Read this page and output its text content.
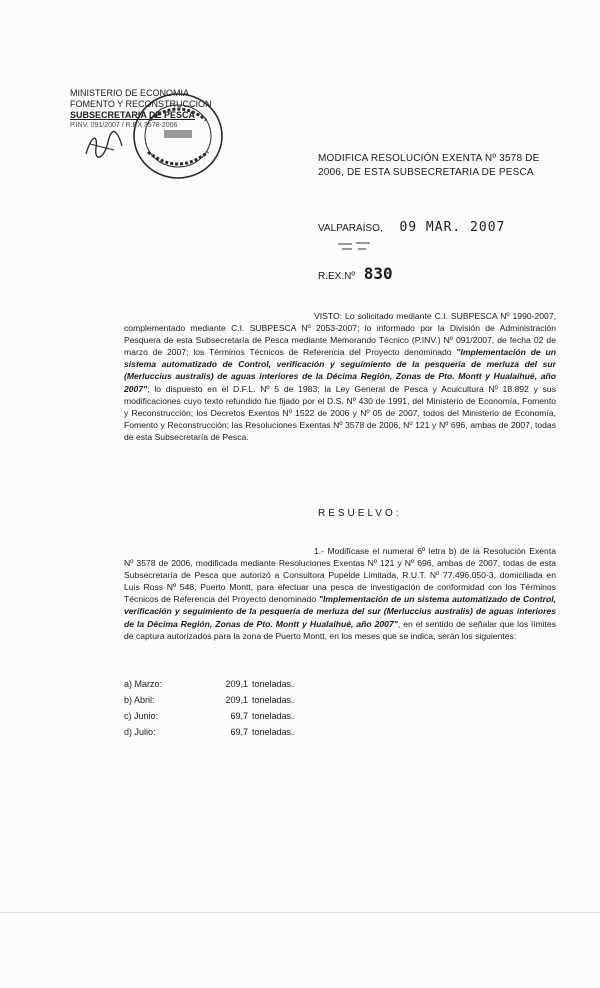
MINISTERIO DE ECONOMIA
FOMENTO Y RECONSTRUCCION
SUBSECRETARIA DE PESCA
P.INV. 091/2007 / R.EX 3578-2006
MODIFICA RESOLUCIÓN EXENTA Nº 3578 DE 2006, DE ESTA SUBSECRETARIA DE PESCA
VALPARAÍSO, 09 MAR. 2007
R.EX.Nº 830
VISTO: Lo solicitado mediante C.I. SUBPESCA Nº 1990-2007, complementado mediante C.I. SUBPESCA Nº 2053-2007; lo informado por la División de Administración Pesquera de esta Subsecretaría de Pesca mediante Memorando Técnico (P.INV.) Nº 091/2007, de fecha 02 de marzo de 2007; los Términos Técnicos de Referencia del Proyecto denominado "Implementación de un sistema automatizado de Control, verificación y seguimiento de la pesquería de merluza del sur (Merluccius australis) de aguas interiores de la Décima Región, Zonas de Pto. Montt y Hualaihué, año 2007"; lo dispuesto en el D.F.L. Nº 5 de 1983; la Ley General de Pesca y Acuicultura Nº 18.892 y sus modificaciones cuyo texto refundido fue fijado por el D.S. Nº 430 de 1991, del Ministerio de Economía, Fomento y Reconstrucción; los Decretos Exentos Nº 1522 de 2006 y Nº 05 de 2007, todos del Ministerio de Economía, Fomento y Reconstrucción; las Resoluciones Exentas Nº 3578 de 2006, Nº 121 y Nº 696, ambas de 2007, todas de esta Subsecretaría de Pesca.
RESUELVO:
1.- Modifícase el numeral 6º letra b) de la Resolución Exenta Nº 3578 de 2006, modificada mediante Resoluciones Exentas Nº 121 y Nº 696, ambas de 2007, todas de esta Subsecretaría de Pesca que autorizó a Consultora Pupelde Limitada, R.U.T. Nº 77.496.050-3, domiciliada en Luis Ross Nº 548, Puerto Montt, para efectuar una pesca de investigación de conformidad con los Términos Técnicos de Referencia del Proyecto denominado "Implementación de un sistema automatizado de Control, verificación y seguimiento de la pesquería de merluza del sur (Merluccius australis) de aguas interiores de la Décima Región, Zonas de Pto. Montt y Hualaihué, año 2007", en el sentido de señalar que los límites de captura autorizados para la zona de Puerto Montt, en los meses que se indica, serán los siguientes:
a) Marzo:	209,1 toneladas.
b) Abril:	209,1 toneladas.
c) Junio:	69,7 toneladas.
d) Julio:	69,7 toneladas.
